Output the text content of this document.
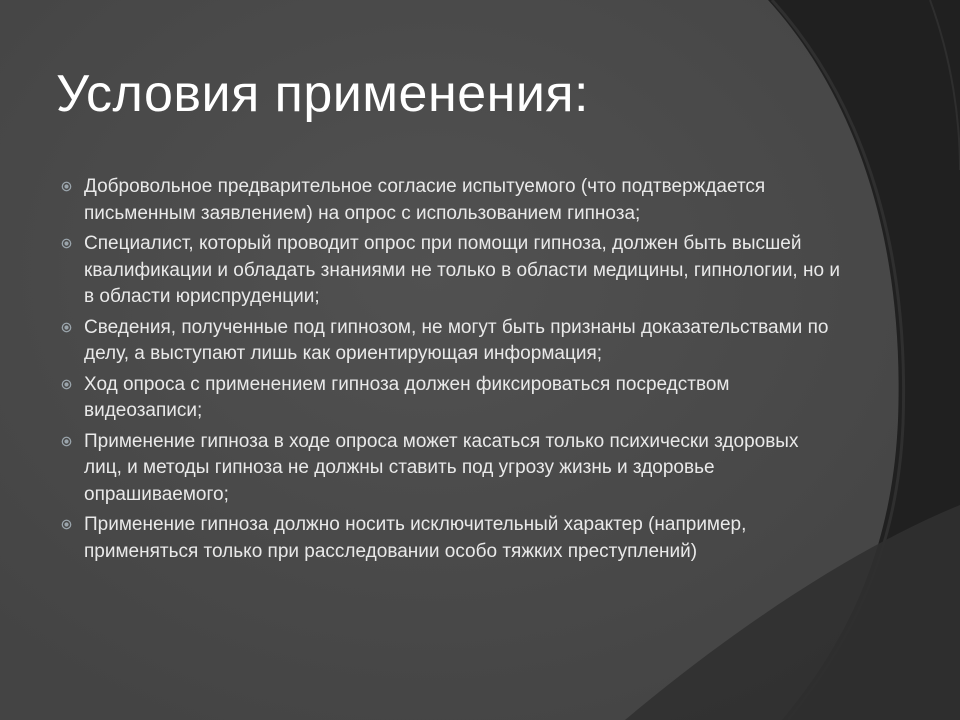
Условия применения:
Добровольное предварительное согласие испытуемого (что подтверждается письменным заявлением) на опрос с использованием гипноза;
Специалист, который проводит опрос при помощи гипноза, должен быть высшей квалификации и обладать знаниями не только в области медицины, гипнологии, но и в области юриспруденции;
Сведения, полученные под гипнозом, не могут быть признаны доказательствами по делу, а выступают лишь как ориентирующая информация;
Ход опроса с применением гипноза должен фиксироваться посредством видеозаписи;
Применение гипноза в ходе опроса может касаться только психически здоровых лиц, и методы гипноза не должны ставить под угрозу жизнь и здоровье опрашиваемого;
Применение гипноза должно носить исключительный характер (например, применяться только при расследовании особо тяжких преступлений)
